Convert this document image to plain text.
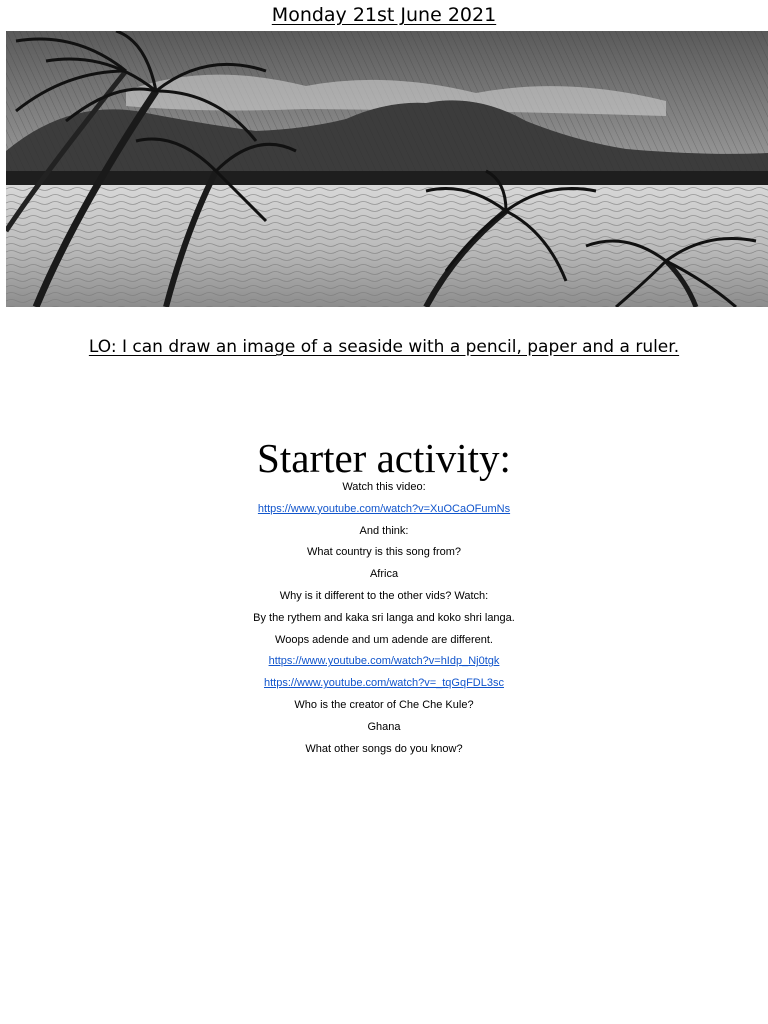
Monday 21st June 2021
LO: I can draw an image of a seaside with a pencil, paper and a ruler.
Starter activity:
Watch this video:
https://www.youtube.com/watch?v=XuOCaOFumNs
And think:
What country is this song from?
Africa
Why is it different to the other vids? Watch:
By the rythem and kaka sri langa and koko shri langa.
Woops adende and um adende are different.
https://www.youtube.com/watch?v=hIdp_Nj0tgk
https://www.youtube.com/watch?v=_tqGqFDL3sc
Who is the creator of Che Che Kule?
Ghana
What other songs do you know?
